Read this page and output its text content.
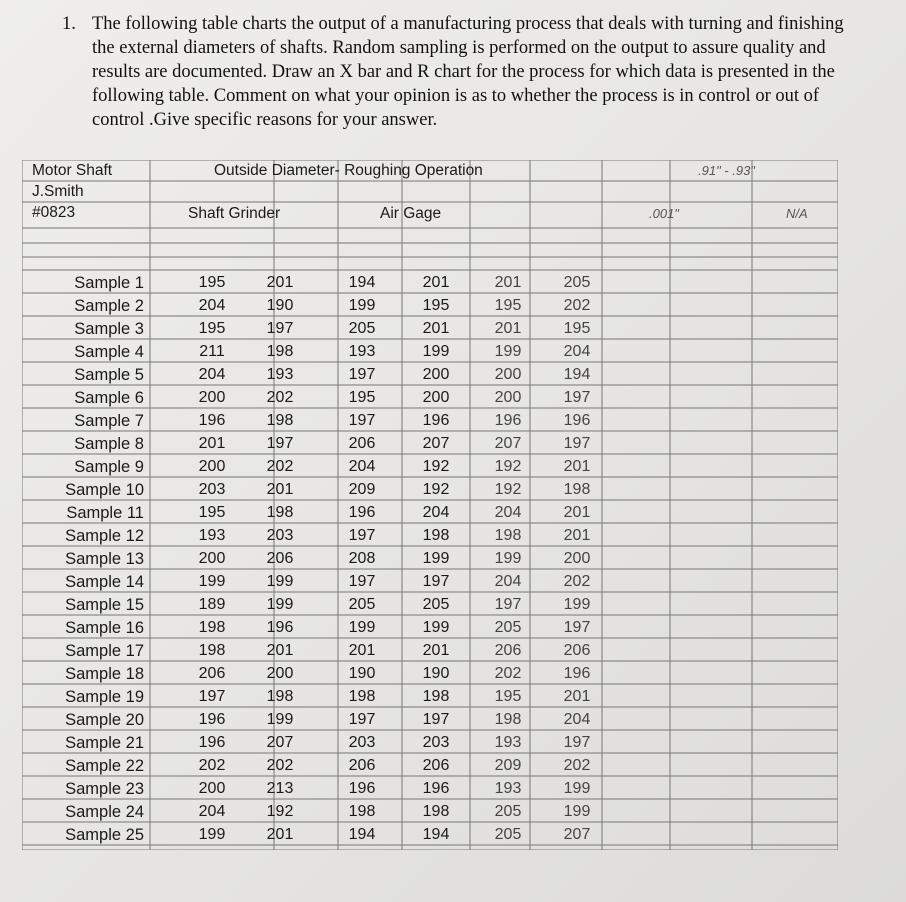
1. The following table charts the output of a manufacturing process that deals with turning and finishing the external diameters of shafts. Random sampling is performed on the output to assure quality and results are documented. Draw an X bar and R chart for the process for which data is presented in the following table. Comment on what your opinion is as to whether the process is in control or out of control .Give specific reasons for your answer.
Motor Shaft	Outside Diameter- Roughing Operation	.91" - .93"
J.Smith
#0823	Shaft Grinder	Air Gage	.001"	N/A
Sample 1	195	201	194	201	201	205
Sample 2	204	190	199	195	195	202
Sample 3	195	197	205	201	201	195
Sample 4	211	198	193	199	199	204
Sample 5	204	193	197	200	200	194
Sample 6	200	202	195	200	200	197
Sample 7	196	198	197	196	196	196
Sample 8	201	197	206	207	207	197
Sample 9	200	202	204	192	192	201
Sample 10	203	201	209	192	192	198
Sample 11	195	198	196	204	204	201
Sample 12	193	203	197	198	198	201
Sample 13	200	206	208	199	199	200
Sample 14	199	199	197	197	204	202
Sample 15	189	199	205	205	197	199
Sample 16	198	196	199	199	205	197
Sample 17	198	201	201	201	206	206
Sample 18	206	200	190	190	202	196
Sample 19	197	198	198	198	195	201
Sample 20	196	199	197	197	198	204
Sample 21	196	207	203	203	193	197
Sample 22	202	202	206	206	209	202
Sample 23	200	213	196	196	193	199
Sample 24	204	192	198	198	205	199
Sample 25	199	201	194	194	205	207
